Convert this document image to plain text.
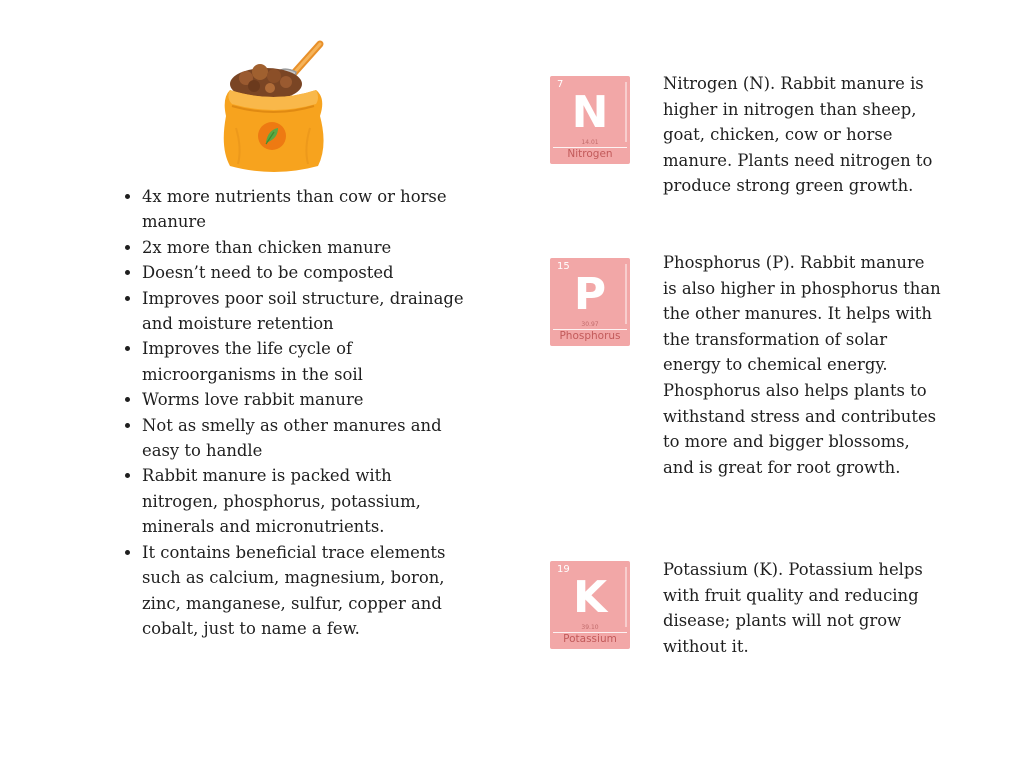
• 4x more nutrients than cow or horse manure
• 2x more than chicken manure
• Doesn’t need to be composted
• Improves poor soil structure, drainage and moisture retention
• Improves the life cycle of microorganisms in the soil
• Worms love rabbit manure
• Not as smelly as other manures and easy to handle
• Rabbit manure is packed with nitrogen, phosphorus, potassium, minerals and micronutrients.
• It contains beneficial trace elements such as calcium, magnesium, boron, zinc, manganese, sulfur, copper and cobalt, just to name a few.
7
N
14.01
Nitrogen

Nitrogen (N). Rabbit manure is higher in nitrogen than sheep, goat, chicken, cow or horse manure. Plants need nitrogen to produce strong green growth.

15
P
30.97
Phosphorus

Phosphorus (P). Rabbit manure is also higher in phosphorus than the other manures. It helps with the transformation of solar energy to chemical energy. Phosphorus also helps plants to withstand stress and contributes to more and bigger blossoms, and is great for root growth.

19
K
39.10
Potassium

Potassium (K). Potassium helps with fruit quality and reducing disease; plants will not grow without it.
